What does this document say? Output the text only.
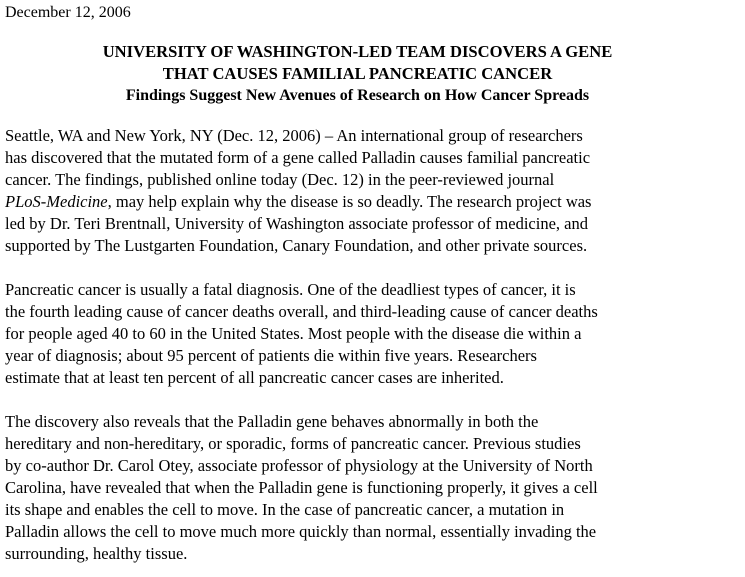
December 12, 2006
UNIVERSITY OF WASHINGTON-LED TEAM DISCOVERS A GENE
THAT CAUSES FAMILIAL PANCREATIC CANCER
Findings Suggest New Avenues of Research on How Cancer Spreads
Seattle, WA and New York, NY (Dec. 12, 2006) – An international group of researchers
has discovered that the mutated form of a gene called Palladin causes familial pancreatic
cancer. The findings, published online today (Dec. 12) in the peer-reviewed journal
PLoS-Medicine, may help explain why the disease is so deadly. The research project was
led by Dr. Teri Brentnall, University of Washington associate professor of medicine, and
supported by The Lustgarten Foundation, Canary Foundation, and other private sources.
Pancreatic cancer is usually a fatal diagnosis. One of the deadliest types of cancer, it is
the fourth leading cause of cancer deaths overall, and third-leading cause of cancer deaths
for people aged 40 to 60 in the United States. Most people with the disease die within a
year of diagnosis; about 95 percent of patients die within five years. Researchers
estimate that at least ten percent of all pancreatic cancer cases are inherited.
The discovery also reveals that the Palladin gene behaves abnormally in both the
hereditary and non-hereditary, or sporadic, forms of pancreatic cancer. Previous studies
by co-author Dr. Carol Otey, associate professor of physiology at the University of North
Carolina, have revealed that when the Palladin gene is functioning properly, it gives a cell
its shape and enables the cell to move. In the case of pancreatic cancer, a mutation in
Palladin allows the cell to move much more quickly than normal, essentially invading the
surrounding, healthy tissue.
